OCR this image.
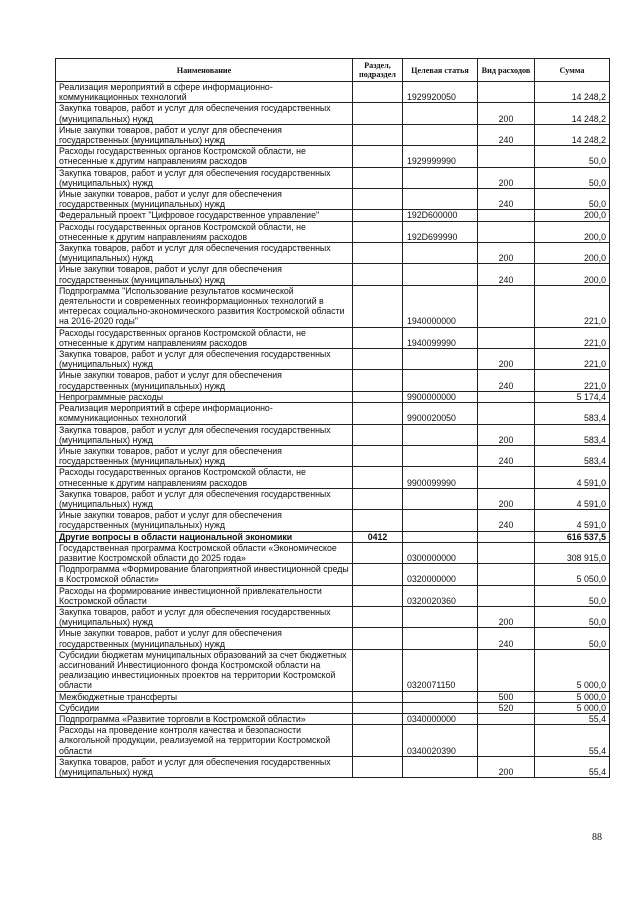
Наименование	Раздел, подраздел	Целевая статья	Вид расходов	Сумма
Реализация мероприятий в сфере информационно-коммуникационных технологий		1929920050		14 248,2
Закупка товаров, работ и услуг для обеспечения государственных (муниципальных) нужд			200	14 248,2
Иные закупки товаров, работ и услуг для обеспечения государственных (муниципальных) нужд			240	14 248,2
Расходы государственных органов Костромской области, не отнесенные к другим направлениям расходов		1929999990		50,0
Закупка товаров, работ и услуг для обеспечения государственных (муниципальных) нужд			200	50,0
Иные закупки товаров, работ и услуг для обеспечения государственных (муниципальных) нужд			240	50,0
Федеральный проект "Цифровое государственное управление"		192D600000		200,0
Расходы государственных органов Костромской области, не отнесенные к другим направлениям расходов		192D699990		200,0
Закупка товаров, работ и услуг для обеспечения государственных (муниципальных) нужд			200	200,0
Иные закупки товаров, работ и услуг для обеспечения государственных (муниципальных) нужд			240	200,0
Подпрограмма "Использование результатов космической деятельности и современных геоинформационных технологий в интересах социально-экономического развития Костромской области на 2016-2020 годы"		1940000000		221,0
Расходы государственных органов Костромской области, не отнесенные к другим направлениям расходов		1940099990		221,0
Закупка товаров, работ и услуг для обеспечения государственных (муниципальных) нужд			200	221,0
Иные закупки товаров, работ и услуг для обеспечения государственных (муниципальных) нужд			240	221,0
Непрограммные расходы		9900000000		5 174,4
Реализация мероприятий в сфере информационно-коммуникационных технологий		9900020050		583,4
Закупка товаров, работ и услуг для обеспечения государственных (муниципальных) нужд			200	583,4
Иные закупки товаров, работ и услуг для обеспечения государственных (муниципальных) нужд			240	583,4
Расходы государственных органов Костромской области, не отнесенные к другим направлениям расходов		9900099990		4 591,0
Закупка товаров, работ и услуг для обеспечения государственных (муниципальных) нужд			200	4 591,0
Иные закупки товаров, работ и услуг для обеспечения государственных (муниципальных) нужд			240	4 591,0
Другие вопросы в области национальной экономики	0412			616 537,5
Государственная программа Костромской области «Экономическое развитие Костромской области до 2025 года»		0300000000		308 915,0
Подпрограмма «Формирование благоприятной инвестиционной среды в Костромской области»		0320000000		5 050,0
Расходы на формирование инвестиционной привлекательности Костромской области		0320020360		50,0
Закупка товаров, работ и услуг для обеспечения государственных (муниципальных) нужд			200	50,0
Иные закупки товаров, работ и услуг для обеспечения государственных (муниципальных) нужд			240	50,0
Субсидии бюджетам муниципальных образований за счет бюджетных ассигнований Инвестиционного фонда Костромской области на реализацию инвестиционных проектов на территории Костромской области		0320071150		5 000,0
Межбюджетные трансферты			500	5 000,0
Субсидии			520	5 000,0
Подпрограмма «Развитие торговли в Костромской области»		0340000000		55,4
Расходы на проведение контроля качества и безопасности алкогольной продукции, реализуемой на территории Костромской области		0340020390		55,4
Закупка товаров, работ и услуг для обеспечения государственных (муниципальных) нужд			200	55,4
88
